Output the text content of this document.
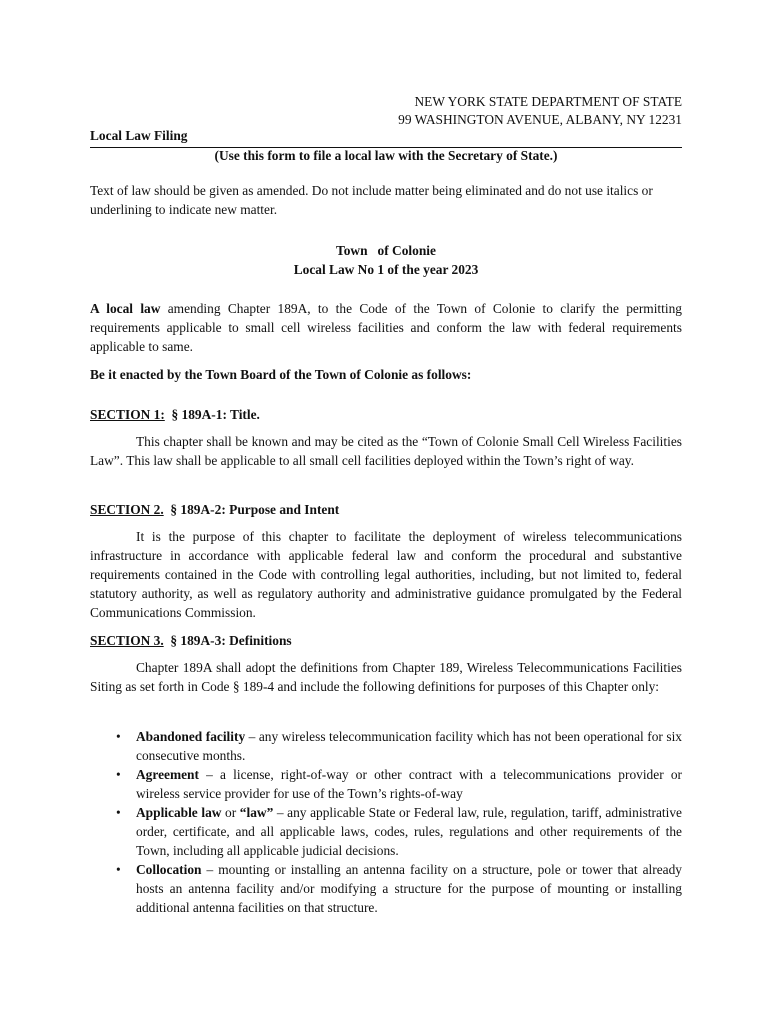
NEW YORK STATE DEPARTMENT OF STATE
99 WASHINGTON AVENUE, ALBANY, NY 12231
Local Law Filing
(Use this form to file a local law with the Secretary of State.)
Text of law should be given as amended. Do not include matter being eliminated and do not use italics or underlining to indicate new matter.
Town of Colonie
Local Law No 1 of the year 2023
A local law amending Chapter 189A, to the Code of the Town of Colonie to clarify the permitting requirements applicable to small cell wireless facilities and conform the law with federal requirements applicable to same.
Be it enacted by the Town Board of the Town of Colonie as follows:
SECTION 1: § 189A-1: Title.
This chapter shall be known and may be cited as the “Town of Colonie Small Cell Wireless Facilities Law”. This law shall be applicable to all small cell facilities deployed within the Town’s right of way.
SECTION 2. § 189A-2: Purpose and Intent
It is the purpose of this chapter to facilitate the deployment of wireless telecommunications infrastructure in accordance with applicable federal law and conform the procedural and substantive requirements contained in the Code with controlling legal authorities, including, but not limited to, federal statutory authority, as well as regulatory authority and administrative guidance promulgated by the Federal Communications Commission.
SECTION 3. § 189A-3: Definitions
Chapter 189A shall adopt the definitions from Chapter 189, Wireless Telecommunications Facilities Siting as set forth in Code § 189-4 and include the following definitions for purposes of this Chapter only:
• Abandoned facility – any wireless telecommunication facility which has not been operational for six consecutive months.
• Agreement – a license, right-of-way or other contract with a telecommunications provider or wireless service provider for use of the Town’s rights-of-way
• Applicable law or “law” – any applicable State or Federal law, rule, regulation, tariff, administrative order, certificate, and all applicable laws, codes, rules, regulations and other requirements of the Town, including all applicable judicial decisions.
• Collocation – mounting or installing an antenna facility on a structure, pole or tower that already hosts an antenna facility and/or modifying a structure for the purpose of mounting or installing additional antenna facilities on that structure.
